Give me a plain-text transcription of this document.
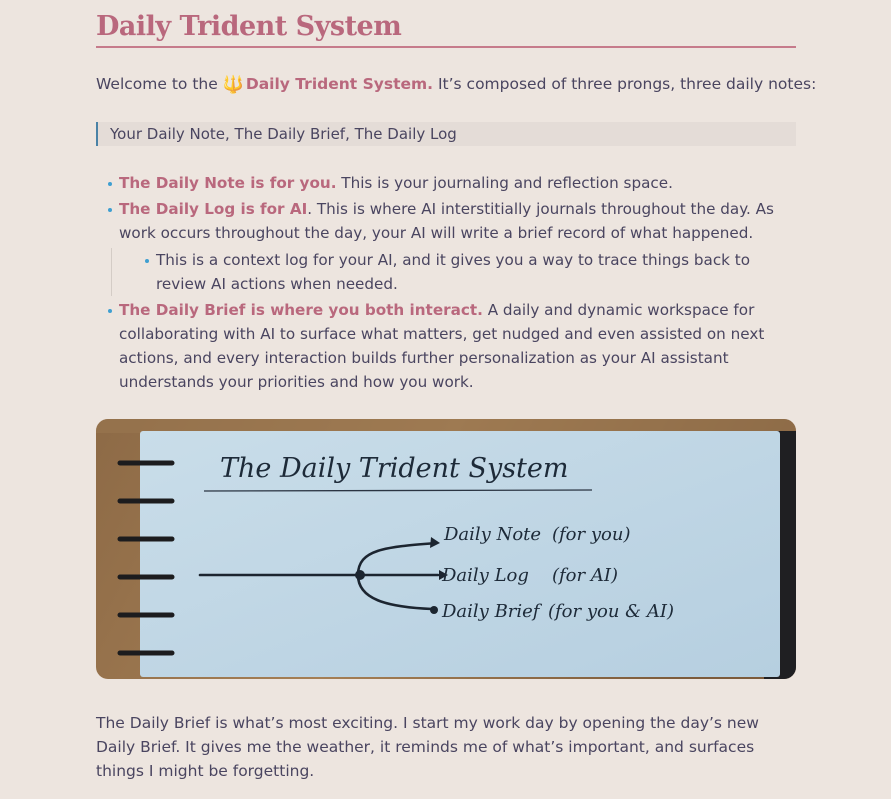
Daily Trident System

Welcome to the 🔱 Daily Trident System. It’s composed of three prongs, three daily notes:

Your Daily Note, The Daily Brief, The Daily Log
The Daily Note is for you. This is your journaling and reflection space.
The Daily Log is for AI. This is where AI interstitially journals throughout the day. As work occurs throughout the day, your AI will write a brief record of what happened.
This is a context log for your AI, and it gives you a way to trace things back to review AI actions when needed.
The Daily Brief is where you both interact. A daily and dynamic workspace for collaborating with AI to surface what matters, get nudged and even assisted on next actions, and every interaction builds further personalization as your AI assistant understands your priorities and how you work.
The Daily Trident System
Daily Note (for you)
Daily Log (for AI)
Daily Brief (for you & AI)

The Daily Brief is what’s most exciting. I start my work day by opening the day’s new Daily Brief. It gives me the weather, it reminds me of what’s important, and surfaces things I might be forgetting.
